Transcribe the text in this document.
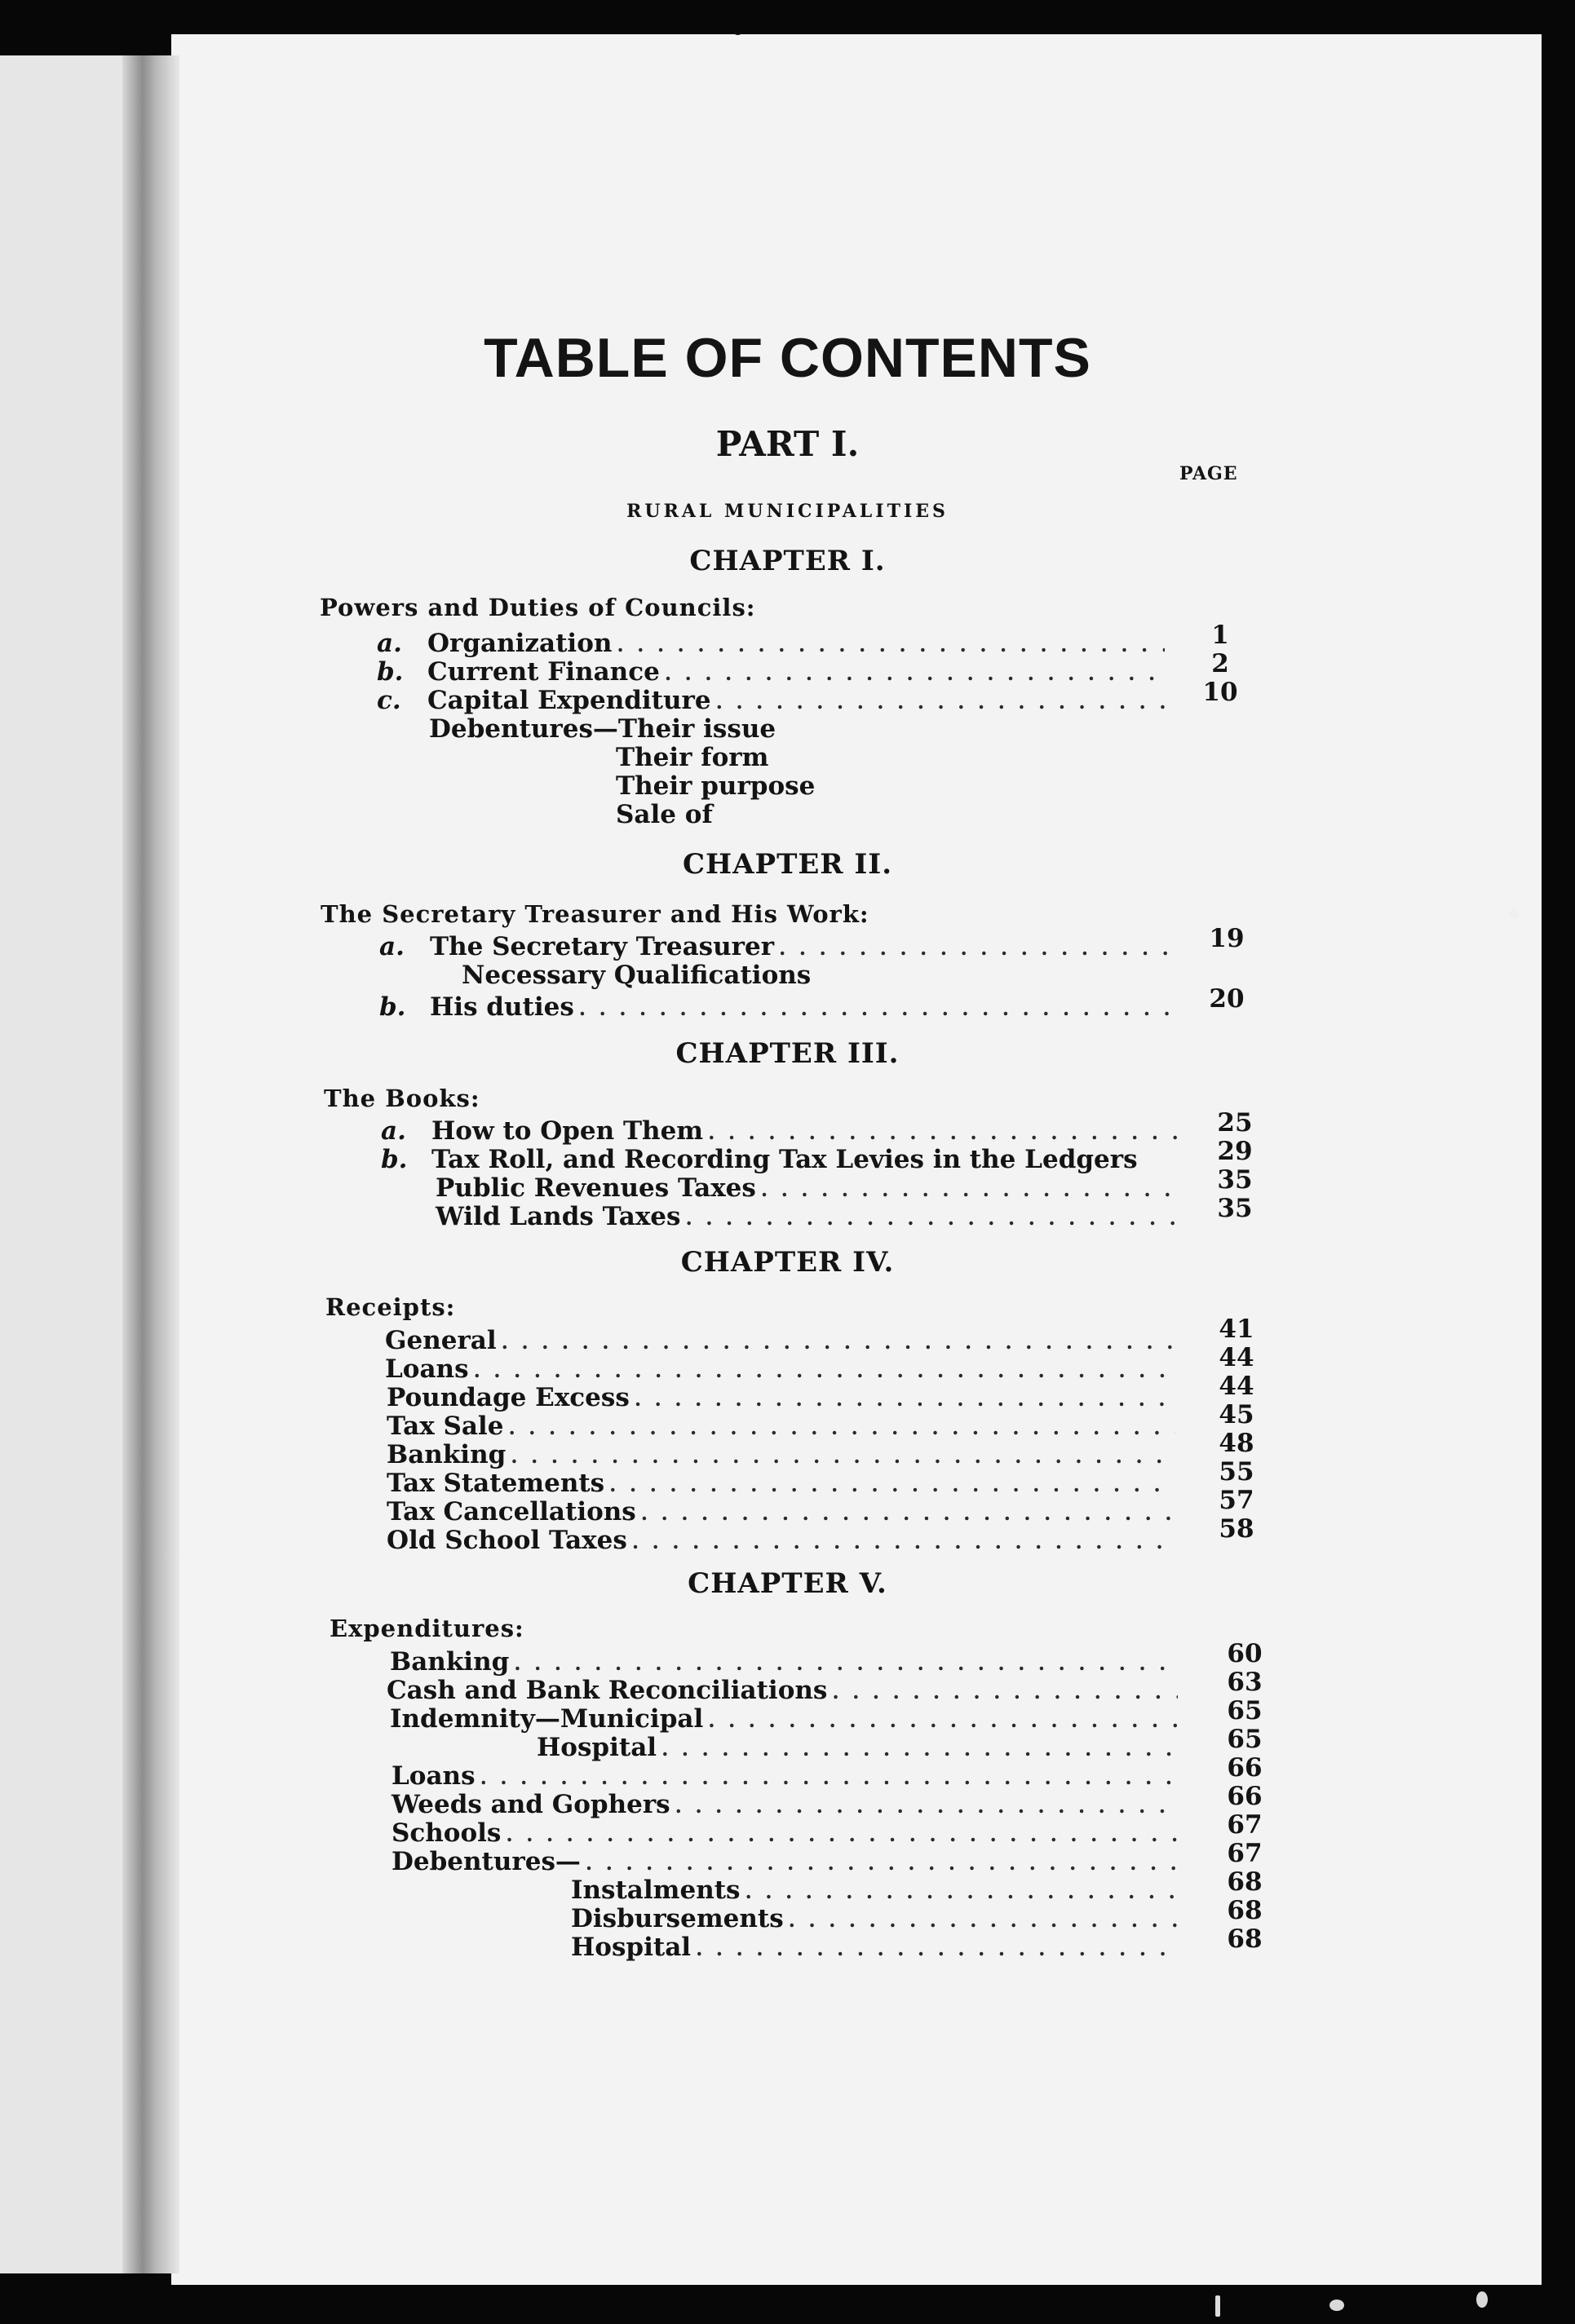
TABLE OF CONTENTS
PART I.
PAGE
RURAL MUNICIPALITIES
CHAPTER I.
Powers and Duties of Councils:
a.	Organization . . .	1
b. Current Finance . . .	2
c.	Capital Expenditure . . .	10
Debentures—Their issue
Their form
Their purpose
Sale of
CHAPTER II.
The Secretary Treasurer and His Work:
a.	The Secretary Treasurer . . .	19
Necessary Qualifications
b. His duties . . .	20
CHAPTER III.
The Books:
a.	How to Open Them . . .	25
b. Tax Roll, and Recording Tax Levies in the Ledgers	29
Public Revenues Taxes . . .	35
Wild Lands Taxes . . .	35
CHAPTER IV.
Receipts:
General . . .	41
Loans . . .	44
Poundage Excess . . .	44
Tax Sale . . .	45
Banking . . .	48
Tax Statements . . .	55
Tax Cancellations . . .	57
Old School Taxes . . .	58
CHAPTER V.
Expenditures:
Banking . . .	60
Cash and Bank Reconciliations . . .	63
Indemnity—Municipal . . .	65
Hospital . . .	65
Loans . . .	66
Weeds and Gophers . . .	66
Schools . . .	67
Debentures— . . .	67
Instalments . . .	68
Disbursements . . .	68
Hospital . . .	68
